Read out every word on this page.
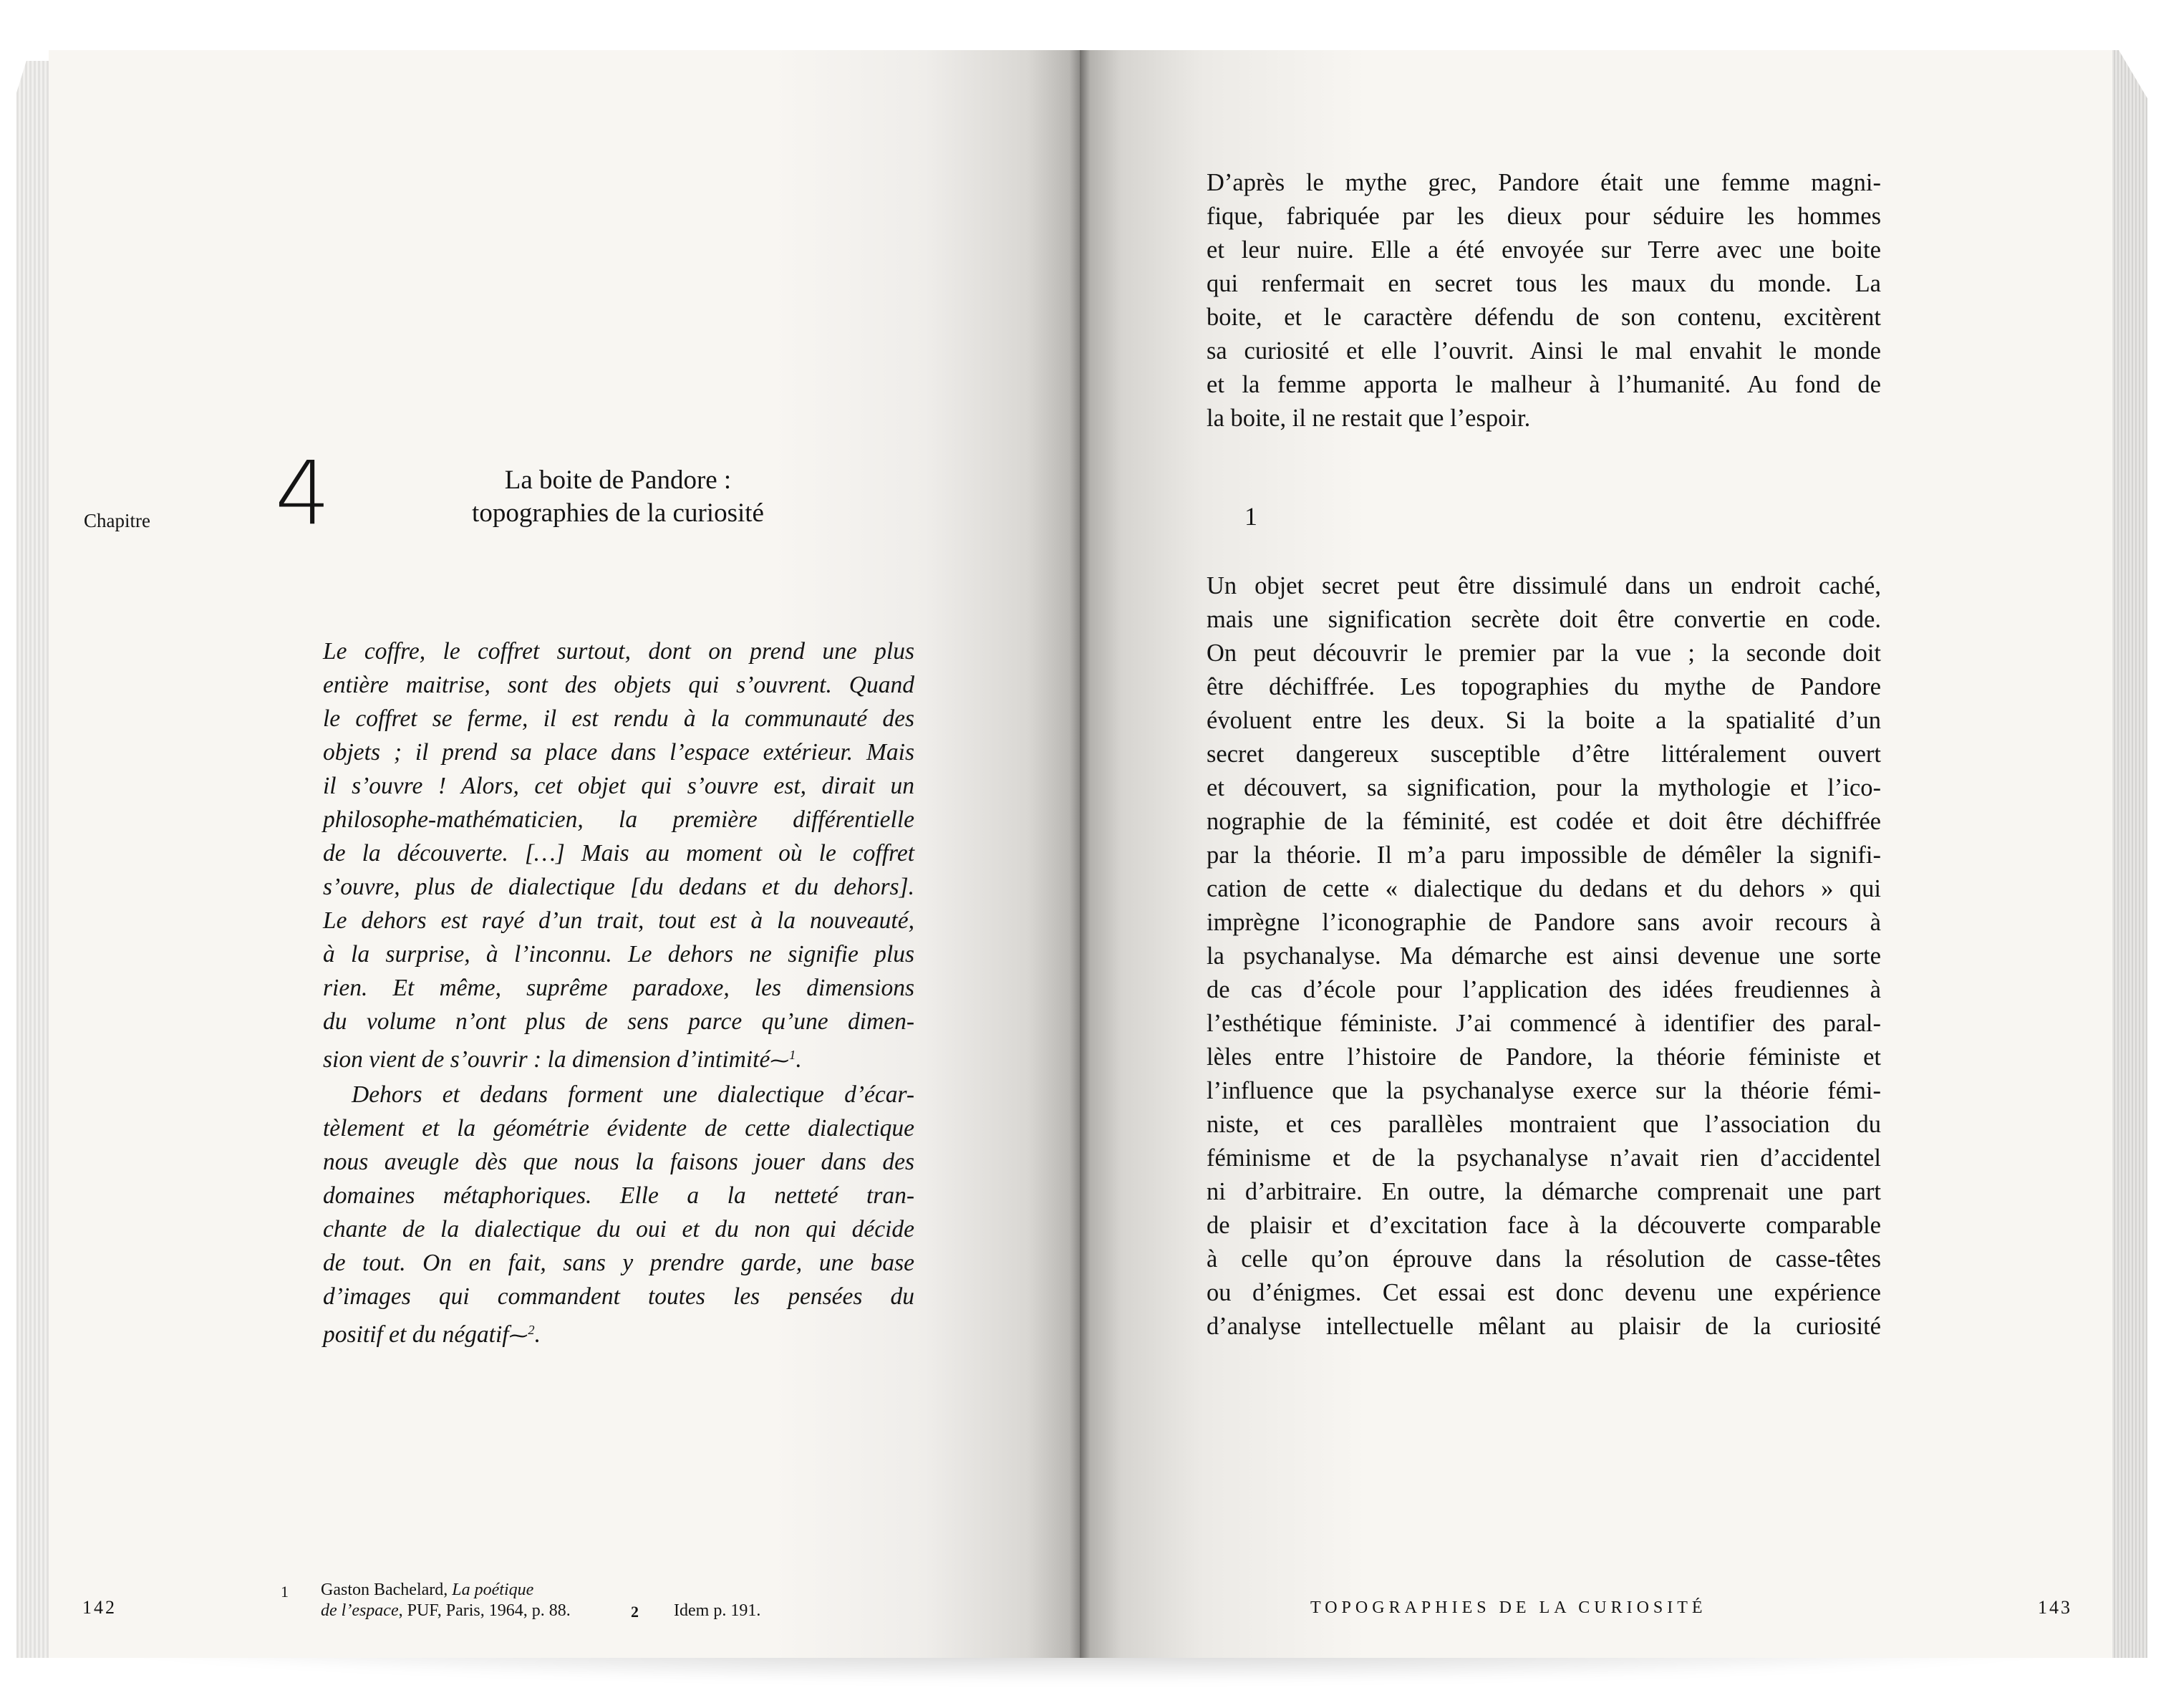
Chapitre 4	La boite de Pandore :
topographies de la curiosité
Le coffre, le coffret surtout, dont on prend une plus
entière maitrise, sont des objets qui s’ouvrent. Quand
le coffret se ferme, il est rendu à la communauté des
objets ; il prend sa place dans l’espace extérieur. Mais
il s’ouvre ! Alors, cet objet qui s’ouvre est, dirait un
philosophe-mathématicien, la première différentielle
de la découverte. […] Mais au moment où le coffret
s’ouvre, plus de dialectique [du dedans et du dehors].
Le dehors est rayé d’un trait, tout est à la nouveauté,
à la surprise, à l’inconnu. Le dehors ne signifie plus
rien. Et même, suprême paradoxe, les dimensions
du volume n’ont plus de sens parce qu’une dimen-
sion vient de s’ouvrir : la dimension d’intimité⁓$^1$.
Dehors et dedans forment une dialectique d’écar-
tèlement et la géométrie évidente de cette dialectique
nous aveugle dès que nous la faisons jouer dans des
domaines métaphoriques. Elle a la netteté tran-
chante de la dialectique du oui et du non qui décide
de tout. On en fait, sans y prendre garde, une base
d’images qui commandent toutes les pensées du
positif et du négatif⁓$^2$.
142
1 Gaston Bachelard, La poétique
de l’espace, PUF, Paris, 1964, p. 88.	2 Idem p. 191.
D’après le mythe grec, Pandore était une femme magni-
fique, fabriquée par les dieux pour séduire les hommes
et leur nuire. Elle a été envoyée sur Terre avec une boite
qui renfermait en secret tous les maux du monde. La
boite, et le caractère défendu de son contenu, excitèrent
sa curiosité et elle l’ouvrit. Ainsi le mal envahit le monde
et la femme apporta le malheur à l’humanité. Au fond de
la boite, il ne restait que l’espoir.
1
Un objet secret peut être dissimulé dans un endroit caché,
mais une signification secrète doit être convertie en code.
On peut découvrir le premier par la vue ; la seconde doit
être déchiffrée. Les topographies du mythe de Pandore
évoluent entre les deux. Si la boite a la spatialité d’un
secret dangereux susceptible d’être littéralement ouvert
et découvert, sa signification, pour la mythologie et l’ico-
nographie de la féminité, est codée et doit être déchiffrée
par la théorie. Il m’a paru impossible de démêler la signifi-
cation de cette « dialectique du dedans et du dehors » qui
imprègne l’iconographie de Pandore sans avoir recours à
la psychanalyse. Ma démarche est ainsi devenue une sorte
de cas d’école pour l’application des idées freudiennes à
l’esthétique féministe. J’ai commencé à identifier des paral-
lèles entre l’histoire de Pandore, la théorie féministe et
l’influence que la psychanalyse exerce sur la théorie fémi-
niste, et ces parallèles montraient que l’association du
féminisme et de la psychanalyse n’avait rien d’accidentel
ni d’arbitraire. En outre, la démarche comprenait une part
de plaisir et d’excitation face à la découverte comparable
à celle qu’on éprouve dans la résolution de casse-têtes
ou d’énigmes. Cet essai est donc devenu une expérience
d’analyse intellectuelle mêlant au plaisir de la curiosité
TOPOGRAPHIES DE LA CURIOSITÉ	143
